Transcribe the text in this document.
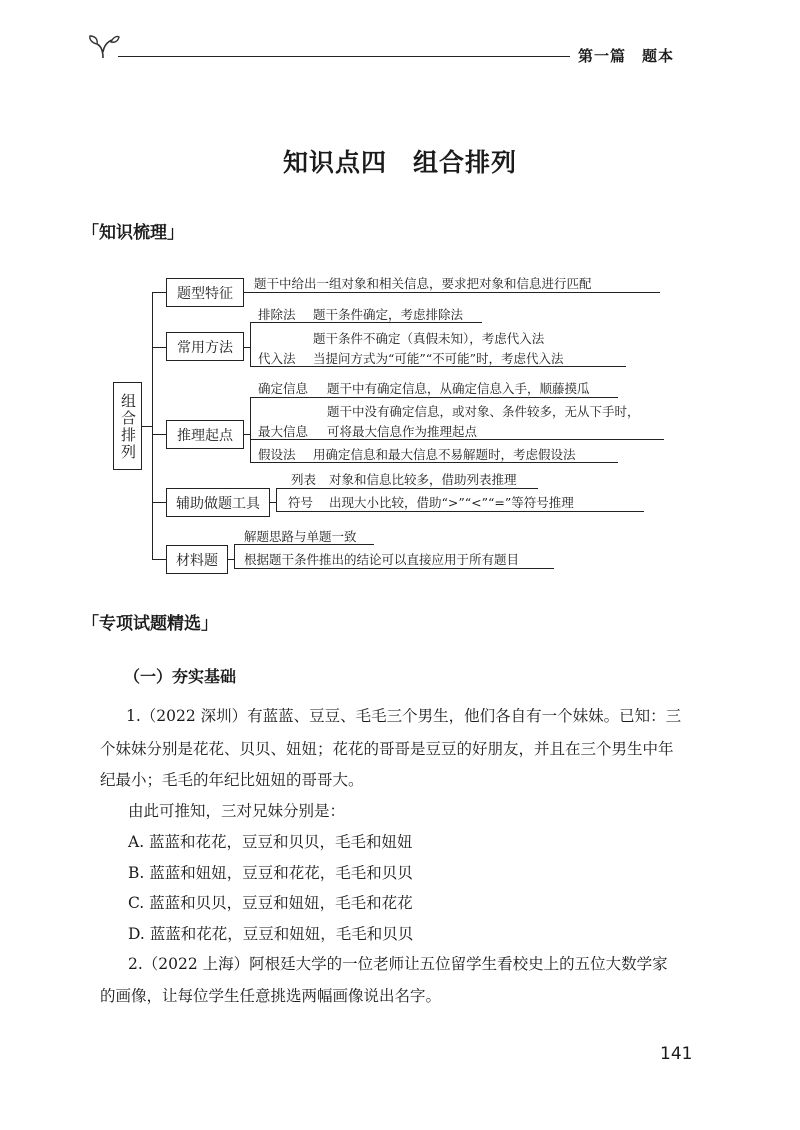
第一篇　题本
知识点四　组合排列
「知识梳理」
组合排列
题型特征
题干中给出一组对象和相关信息，要求把对象和信息进行匹配
常用方法
排除法 题干条件确定，考虑排除法
题干条件不确定（真假未知），考虑代入法
代入法 当提问方式为“可能”“不可能”时，考虑代入法
推理起点
确定信息 题干中有确定信息，从确定信息入手，顺藤摸瓜
题干中没有确定信息，或对象、条件较多，无从下手时，
最大信息 可将最大信息作为推理起点
假设法 用确定信息和最大信息不易解题时，考虑假设法
辅助做题工具
列表 对象和信息比较多，借助列表推理
符号 出现大小比较，借助“>”“<”“=”等符号推理
材料题
解题思路与单题一致
根据题干条件推出的结论可以直接应用于所有题目
「专项试题精选」
（一）夯实基础
1.（2022 深圳）有蓝蓝、豆豆、毛毛三个男生，他们各自有一个妹妹。已知：三
个妹妹分别是花花、贝贝、妞妞；花花的哥哥是豆豆的好朋友，并且在三个男生中年
纪最小；毛毛的年纪比妞妞的哥哥大。
由此可推知，三对兄妹分别是：
A. 蓝蓝和花花，豆豆和贝贝，毛毛和妞妞
B. 蓝蓝和妞妞，豆豆和花花，毛毛和贝贝
C. 蓝蓝和贝贝，豆豆和妞妞，毛毛和花花
D. 蓝蓝和花花，豆豆和妞妞，毛毛和贝贝
2.（2022 上海）阿根廷大学的一位老师让五位留学生看校史上的五位大数学家
的画像，让每位学生任意挑选两幅画像说出名字。
141
